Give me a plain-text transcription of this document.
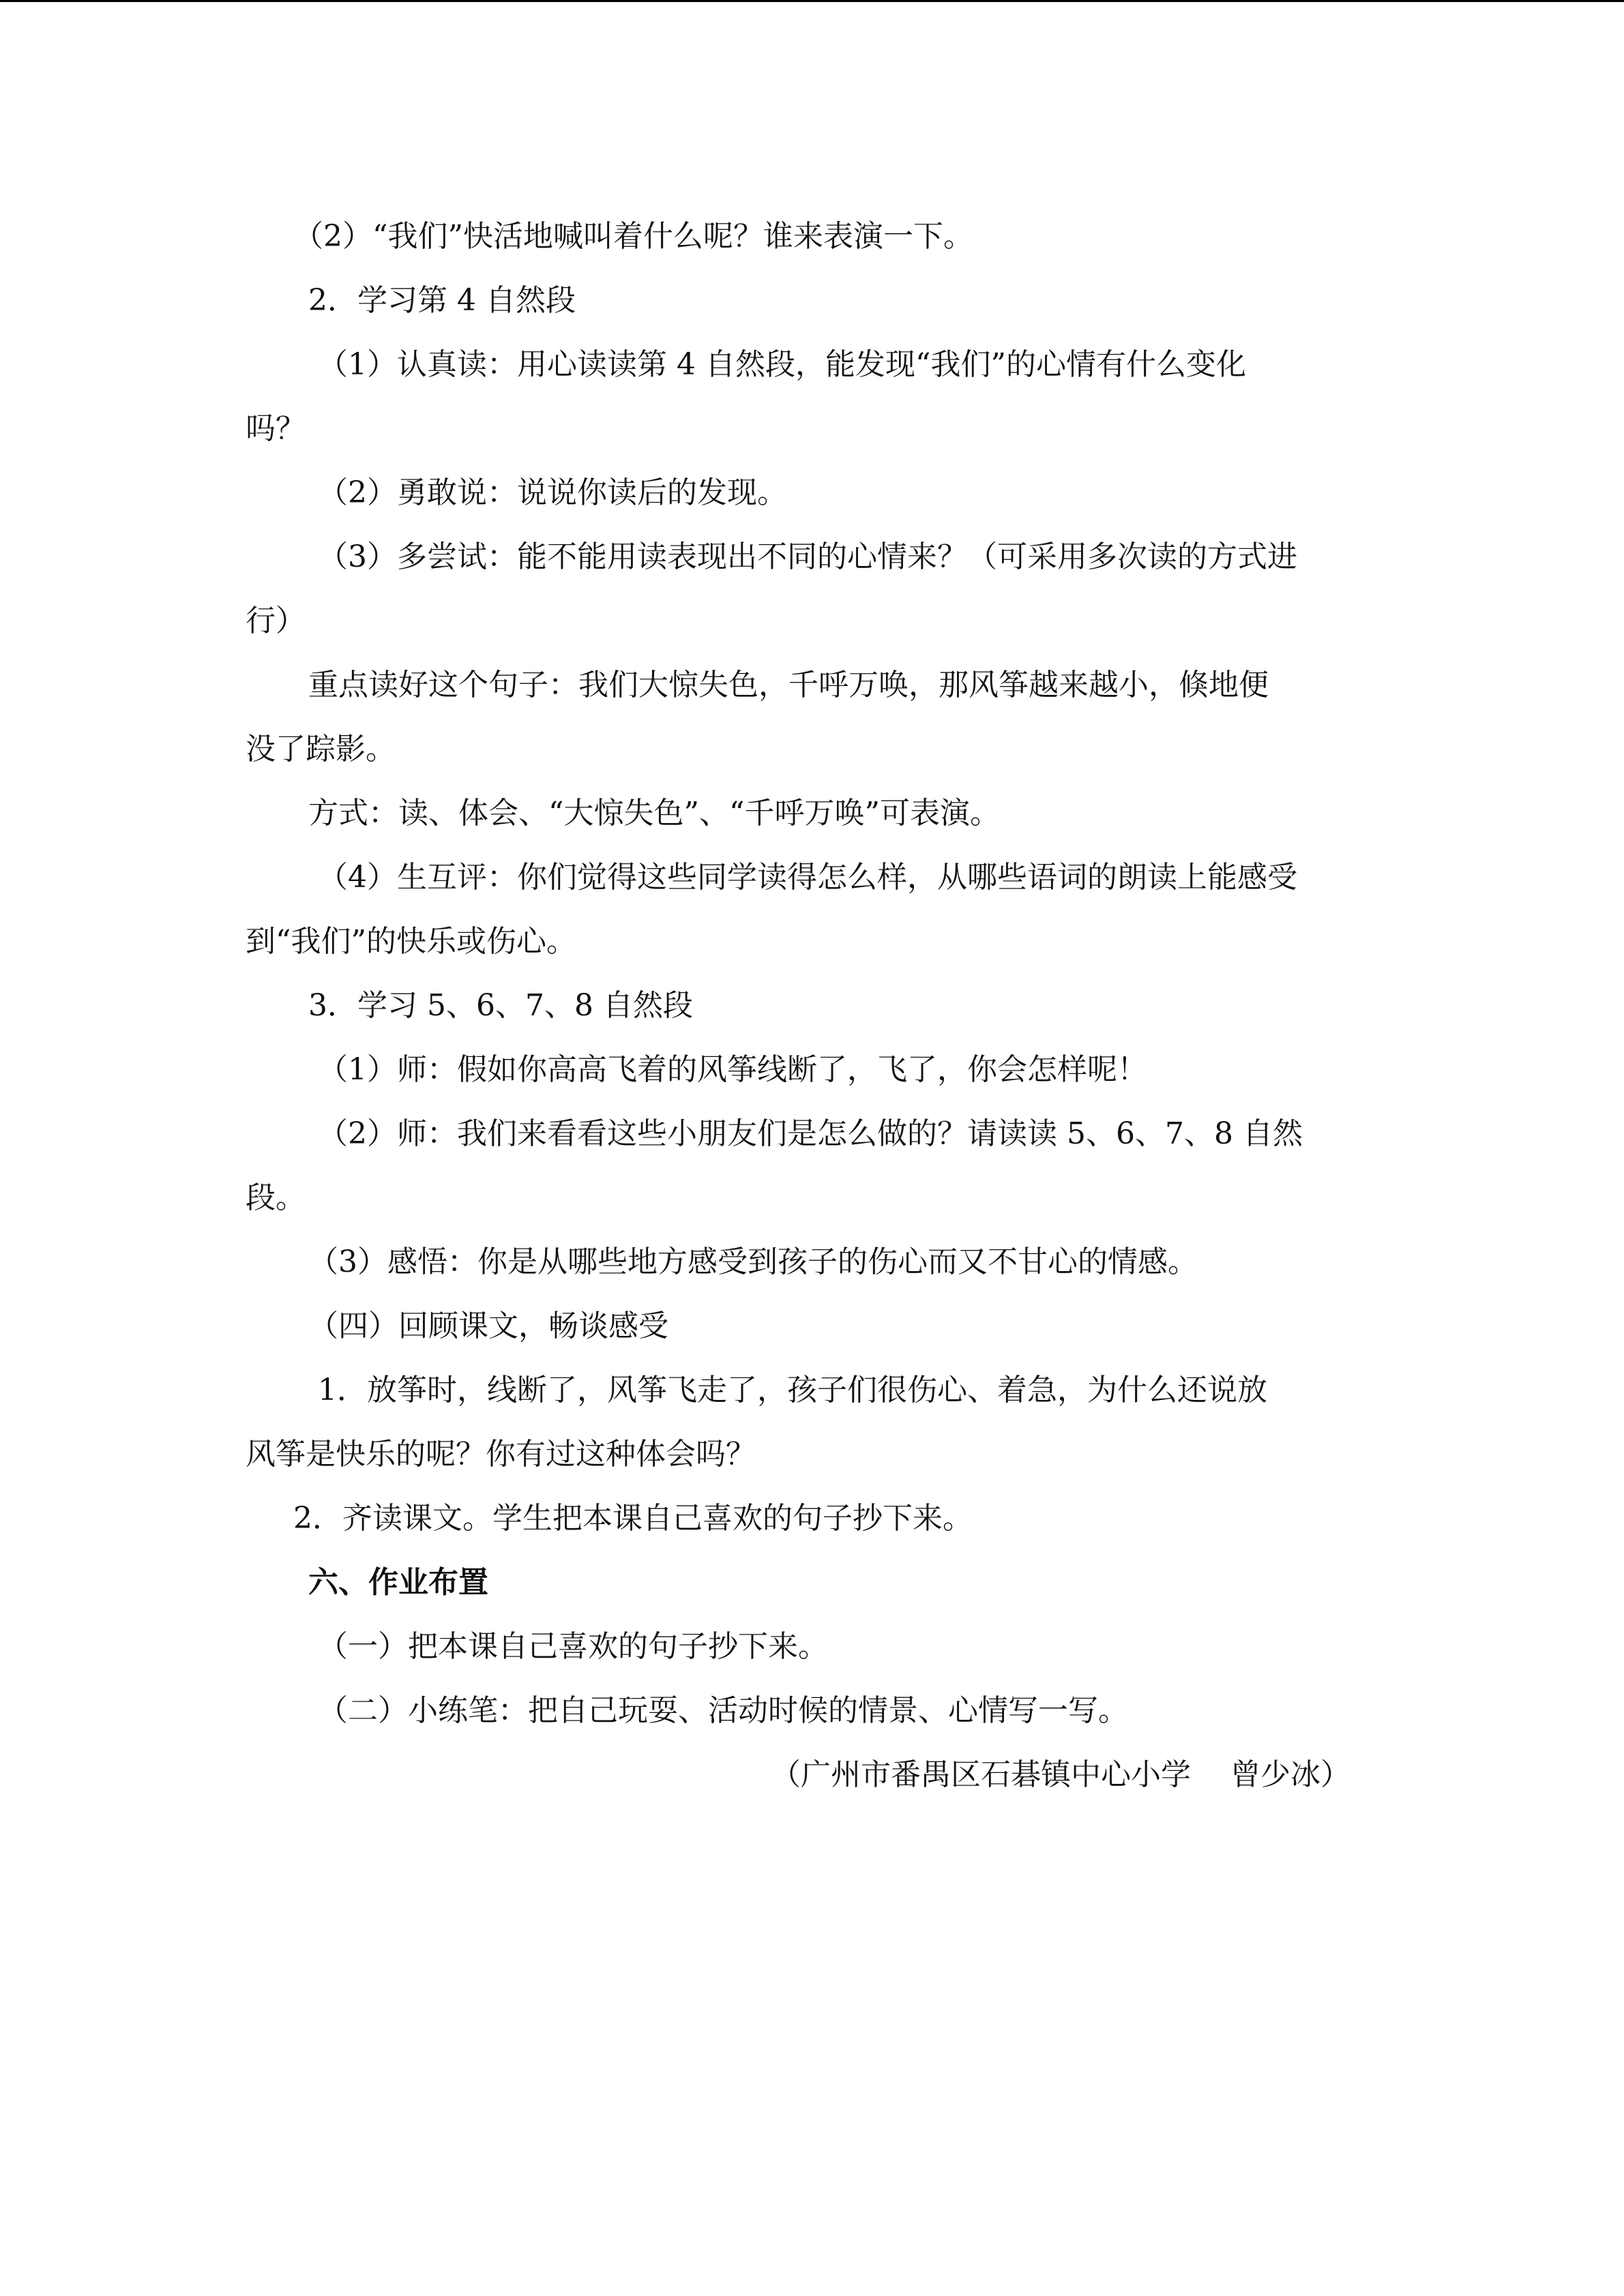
（2）“我们”快活地喊叫着什么呢？谁来表演一下。

2．学习第 4 自然段

（1）认真读：用心读读第 4 自然段，能发现“我们”的心情有什么变化

吗？

（2）勇敢说：说说你读后的发现。

（3）多尝试：能不能用读表现出不同的心情来？（可采用多次读的方式进

行）

重点读好这个句子：我们大惊失色，千呼万唤，那风筝越来越小，倏地便

没了踪影。

方式：读、体会、“大惊失色”、“千呼万唤”可表演。

（4）生互评：你们觉得这些同学读得怎么样，从哪些语词的朗读上能感受

到“我们”的快乐或伤心。

3．学习 5、6、7、8 自然段

（1）师：假如你高高飞着的风筝线断了，飞了，你会怎样呢！

（2）师：我们来看看这些小朋友们是怎么做的？请读读 5、6、7、8 自然

段。

（3）感悟：你是从哪些地方感受到孩子的伤心而又不甘心的情感。

（四）回顾课文，畅谈感受

1．放筝时，线断了，风筝飞走了，孩子们很伤心、着急，为什么还说放

风筝是快乐的呢？你有过这种体会吗？

2．齐读课文。学生把本课自己喜欢的句子抄下来。

六、作业布置

（一）把本课自己喜欢的句子抄下来。

（二）小练笔：把自己玩耍、活动时候的情景、心情写一写。

（广州市番禺区石碁镇中心小学　 曾少冰）
